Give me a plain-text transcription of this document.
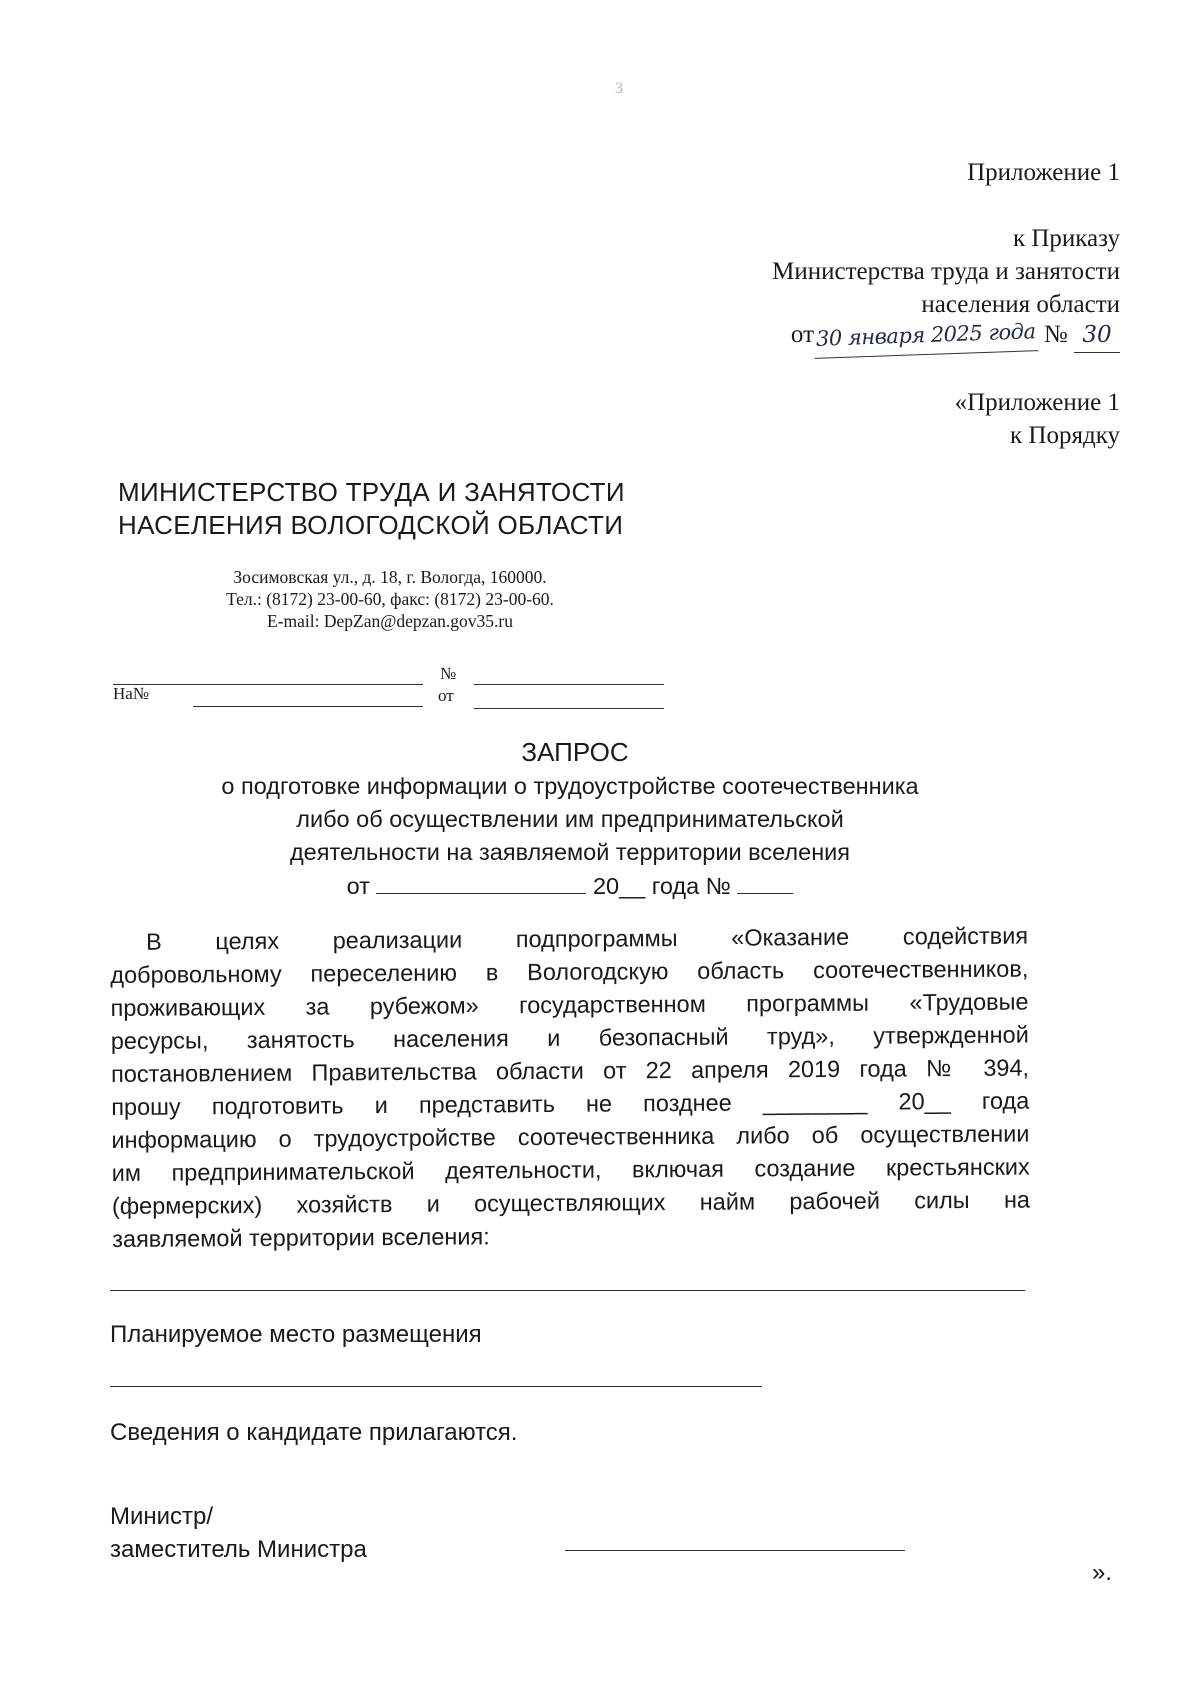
3
Приложение 1
к Приказу
Министерства труда и занятости
населения области
от30 января 2025 года № 30
«Приложение 1
к Порядку
МИНИСТЕРСТВО ТРУДА И ЗАНЯТОСТИ
НАСЕЛЕНИЯ ВОЛОГОДСКОЙ ОБЛАСТИ
Зосимовская ул., д. 18, г. Вологда, 160000.
Тел.: (8172) 23-00-60, факс: (8172) 23-00-60.
E-mail: DepZan@depzan.gov35.ru
№
На№	от
ЗАПРОС
о подготовке информации о трудоустройстве соотечественника
либо об осуществлении им предпринимательской
деятельности на заявляемой территории вселения
от	20__ года №
В целях реализации подпрограммы «Оказание содействия
добровольному переселению в Вологодскую область соотечественников,
проживающих за рубежом» государственном программы «Трудовые
ресурсы, занятость населения и безопасный труд», утвержденной
постановлением Правительства области от 22 апреля 2019 года № 394,
прошу подготовить и представить не позднее ________ 20__ года
информацию о трудоустройстве соотечественника либо об осуществлении
им предпринимательской деятельности, включая создание крестьянских
(фермерских) хозяйств и осуществляющих найм рабочей силы на
заявляемой территории вселения:
Планируемое место размещения
Сведения о кандидате прилагаются.
Министр/
заместитель Министра
».
